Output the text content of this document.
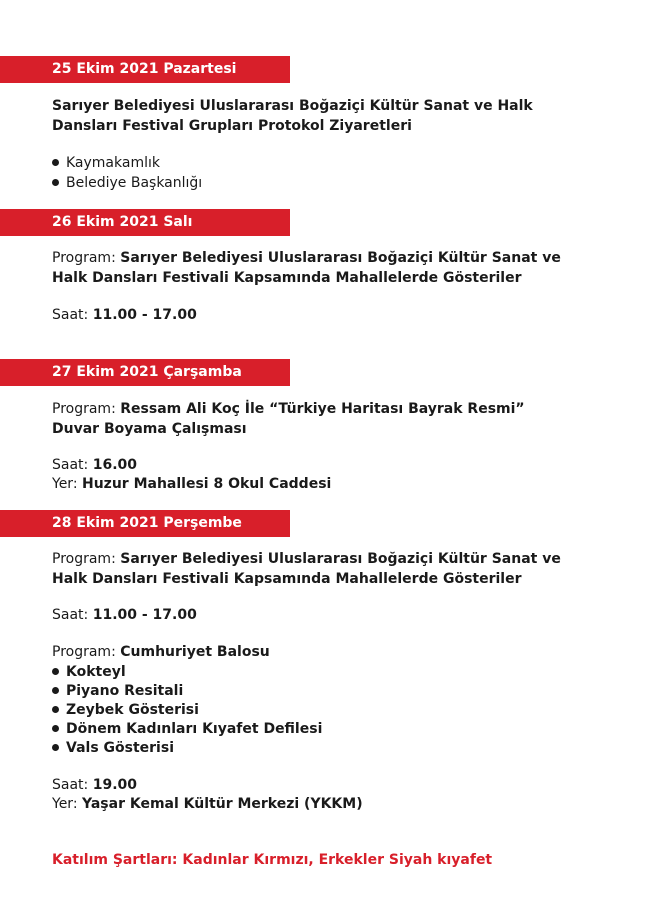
25 Ekim 2021 Pazartesi
Sarıyer Belediyesi Uluslararası Boğaziçi Kültür Sanat ve Halk
Dansları Festival Grupları Protokol Ziyaretleri
Kaymakamlık
Belediye Başkanlığı
26 Ekim 2021 Salı
Program: Sarıyer Belediyesi Uluslararası Boğaziçi Kültür Sanat ve
Halk Dansları Festivali Kapsamında Mahallelerde Gösteriler
Saat: 11.00 - 17.00
27 Ekim 2021 Çarşamba
Program: Ressam Ali Koç İle “Türkiye Haritası Bayrak Resmi”
Duvar Boyama Çalışması
Saat: 16.00
Yer: Huzur Mahallesi 8 Okul Caddesi
28 Ekim 2021 Perşembe
Program: Sarıyer Belediyesi Uluslararası Boğaziçi Kültür Sanat ve
Halk Dansları Festivali Kapsamında Mahallelerde Gösteriler
Saat: 11.00 - 17.00
Program: Cumhuriyet Balosu
Kokteyl
Piyano Resitali
Zeybek Gösterisi
Dönem Kadınları Kıyafet Defilesi
Vals Gösterisi
Saat: 19.00
Yer: Yaşar Kemal Kültür Merkezi (YKKM)
Katılım Şartları: Kadınlar Kırmızı, Erkekler Siyah kıyafet
